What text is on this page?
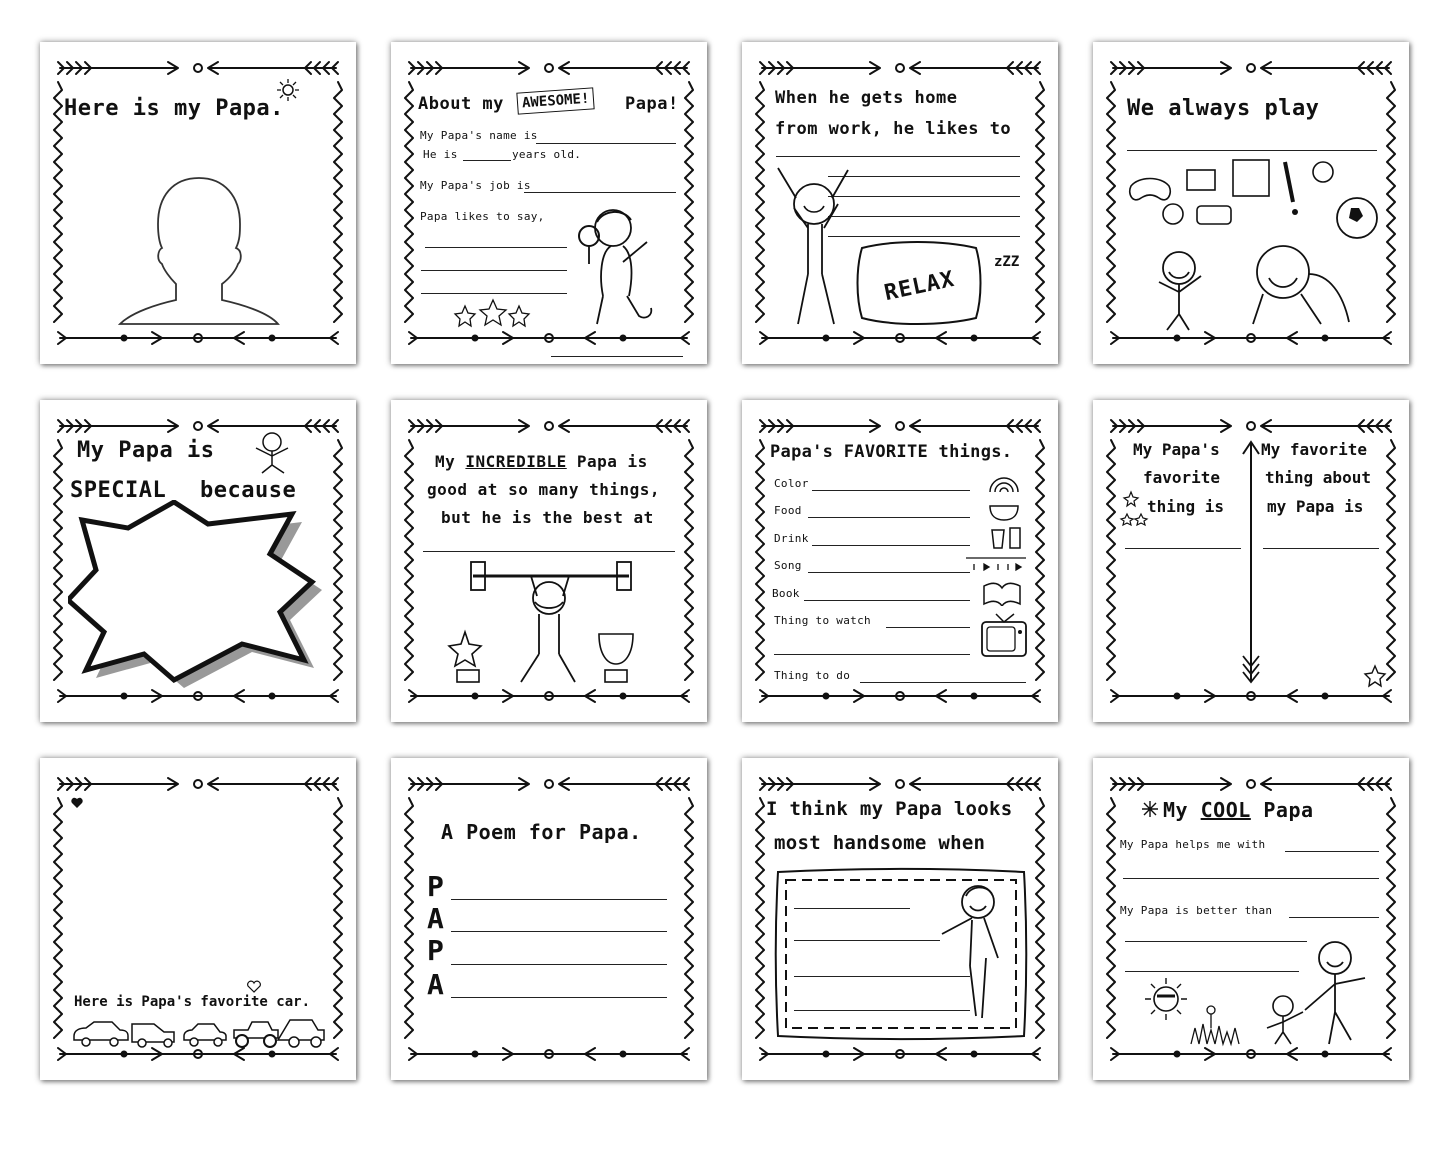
Here is my Papa.	About my	AWESOME!	Papa!
My Papa's name is
He is	years old.
My Papa's job is
Papa likes to say,
When he gets home
from work, he likes to
RELAX
zZZ
We always play
My Papa is
SPECIAL because
My INCREDIBLE Papa is
good at so many things,
but he is the best at
Papa's FAVORITE things.
Color
Food
Drink
Song
Book
Thing to watch
Thing to do
My Papa's
favorite
thing is
My favorite
thing about
my Papa is
Here is Papa's favorite car.
A Poem for Papa.
P
A
P
A
I think my Papa looks
most handsome when
My COOL Papa
My Papa helps me with
My Papa is better than
